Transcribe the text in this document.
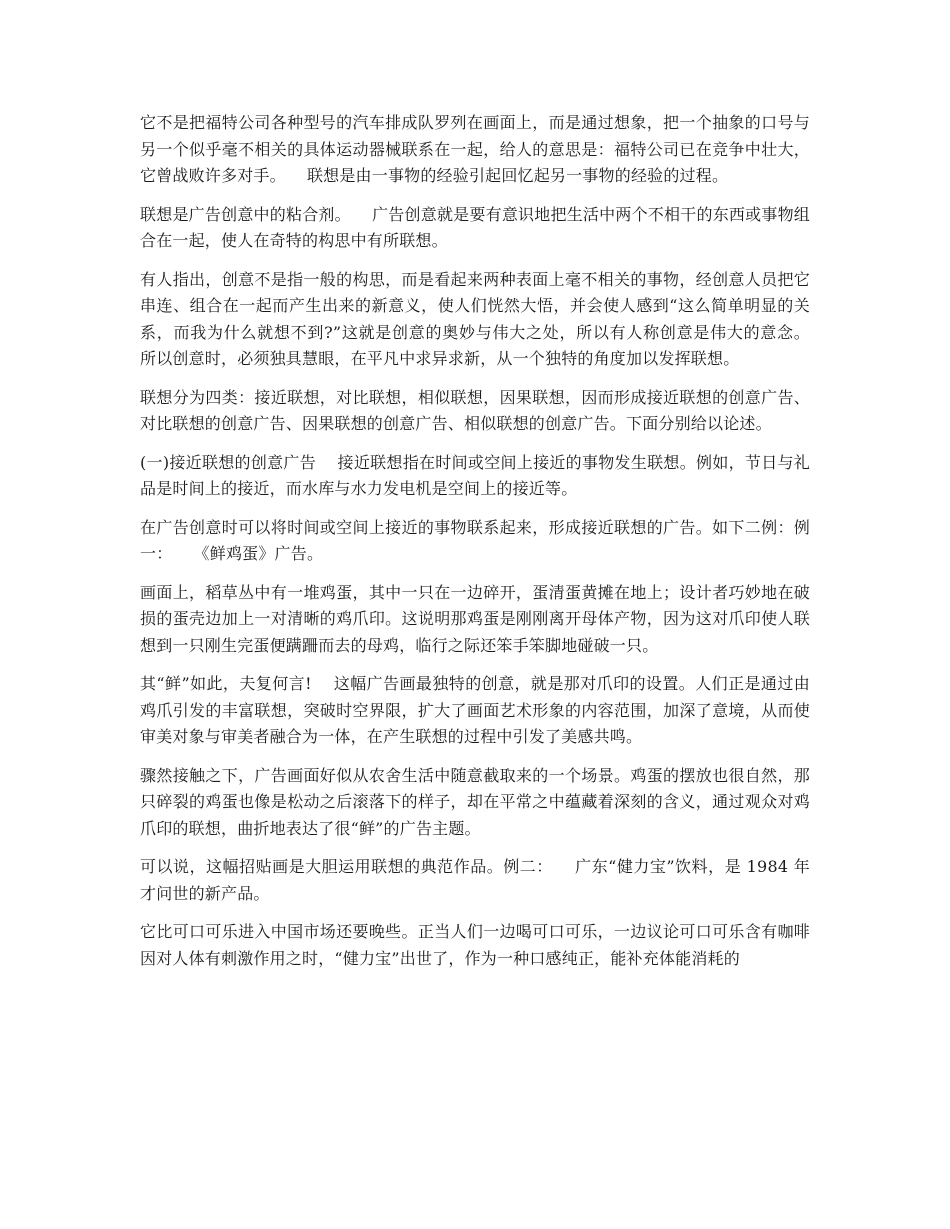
它不是把福特公司各种型号的汽车排成队罗列在画面上，而是通过想象，把一个抽象的口号与另一个似乎毫不相关的具体运动器械联系在一起，给人的意思是：福特公司已在竞争中壮大，它曾战败许多对手。    联想是由一事物的经验引起回忆起另一事物的经验的过程。

联想是广告创意中的粘合剂。    广告创意就是要有意识地把生活中两个不相干的东西或事物组合在一起，使人在奇特的构思中有所联想。

有人指出，创意不是指一般的构思，而是看起来两种表面上毫不相关的事物，经创意人员把它串连、组合在一起而产生出来的新意义，使人们恍然大悟，并会使人感到“这么简单明显的关系，而我为什么就想不到?”这就是创意的奥妙与伟大之处，所以有人称创意是伟大的意念。    所以创意时，必须独具慧眼，在平凡中求异求新，从一个独特的角度加以发挥联想。

联想分为四类：接近联想，对比联想，相似联想，因果联想，因而形成接近联想的创意广告、对比联想的创意广告、因果联想的创意广告、相似联想的创意广告。下面分别给以论述。

(一)接近联想的创意广告    接近联想指在时间或空间上接近的事物发生联想。例如，节日与礼品是时间上的接近，而水库与水力发电机是空间上的接近等。

在广告创意时可以将时间或空间上接近的事物联系起来，形成接近联想的广告。如下二例：例一：    《鲜鸡蛋》广告。

画面上，稻草丛中有一堆鸡蛋，其中一只在一边碎开，蛋清蛋黄摊在地上；设计者巧妙地在破损的蛋壳边加上一对清晰的鸡爪印。这说明那鸡蛋是刚刚离开母体产物，因为这对爪印使人联想到一只刚生完蛋便蹒跚而去的母鸡，临行之际还笨手笨脚地碰破一只。

其“鲜”如此，夫复何言!    这幅广告画最独特的创意，就是那对爪印的设置。人们正是通过由鸡爪引发的丰富联想，突破时空界限，扩大了画面艺术形象的内容范围，加深了意境，从而使审美对象与审美者融合为一体，在产生联想的过程中引发了美感共鸣。

骤然接触之下，广告画面好似从农舍生活中随意截取来的一个场景。鸡蛋的摆放也很自然，那只碎裂的鸡蛋也像是松动之后滚落下的样子，却在平常之中蕴藏着深刻的含义，通过观众对鸡爪印的联想，曲折地表达了很“鲜”的广告主题。

可以说，这幅招贴画是大胆运用联想的典范作品。例二：    广东“健力宝”饮料，是 1984 年才问世的新产品。

它比可口可乐进入中国市场还要晚些。正当人们一边喝可口可乐，一边议论可口可乐含有咖啡因对人体有刺激作用之时，“健力宝”出世了，作为一种口感纯正，能补充体能消耗的
